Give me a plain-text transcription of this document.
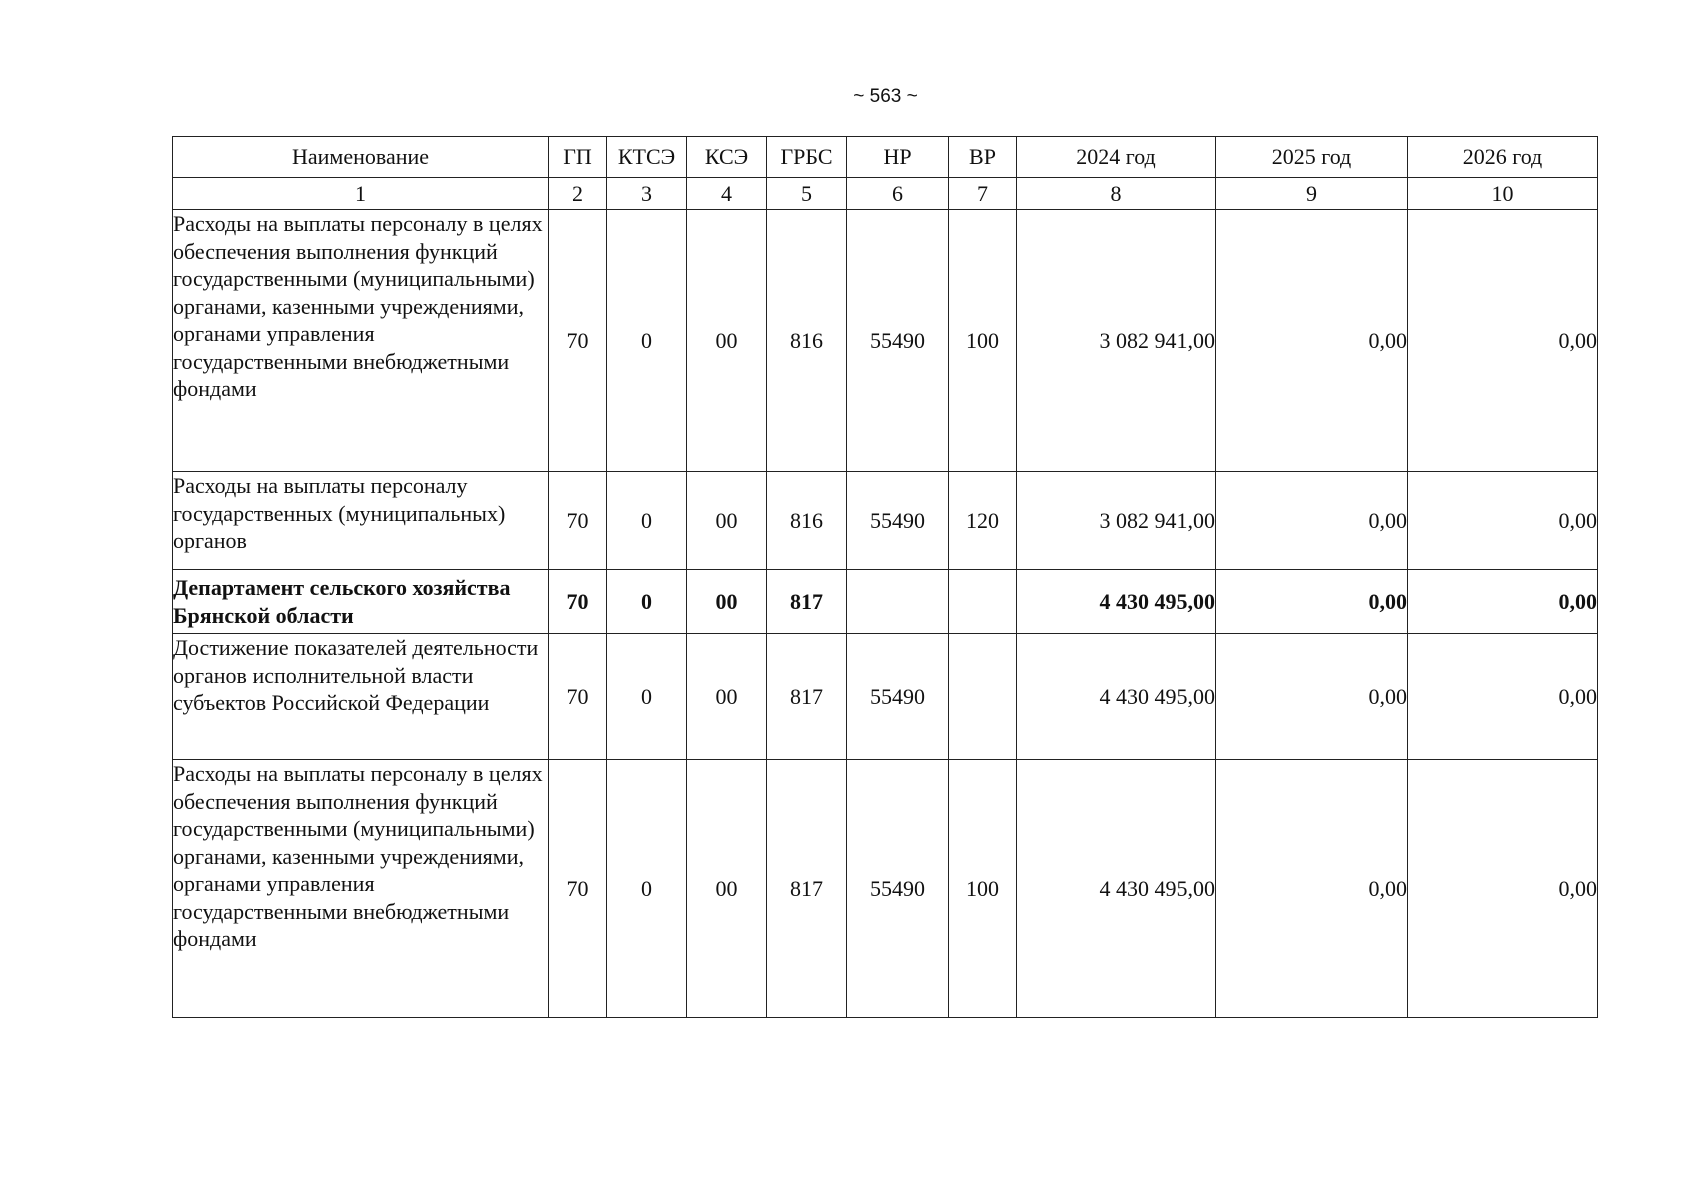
~ 563 ~
Наименование	ГП	КТСЭ	КСЭ	ГРБС	НР	ВР	2024 год	2025 год	2026 год
1	2	3	4	5	6	7	8	9	10
Расходы на выплаты персоналу в целях обеспечения выполнения функций государственными (муниципальными) органами, казенными учреждениями, органами управления государственными внебюджетными фондами	70	0	00	816	55490	100	3 082 941,00	0,00	0,00
Расходы на выплаты персоналу государственных (муниципальных) органов	70	0	00	816	55490	120	3 082 941,00	0,00	0,00
Департамент сельского хозяйства Брянской области	70	0	00	817			4 430 495,00	0,00	0,00
Достижение показателей деятельности органов исполнительной власти субъектов Российской Федерации	70	0	00	817	55490		4 430 495,00	0,00	0,00
Расходы на выплаты персоналу в целях обеспечения выполнения функций государственными (муниципальными) органами, казенными учреждениями, органами управления государственными внебюджетными фондами	70	0	00	817	55490	100	4 430 495,00	0,00	0,00
